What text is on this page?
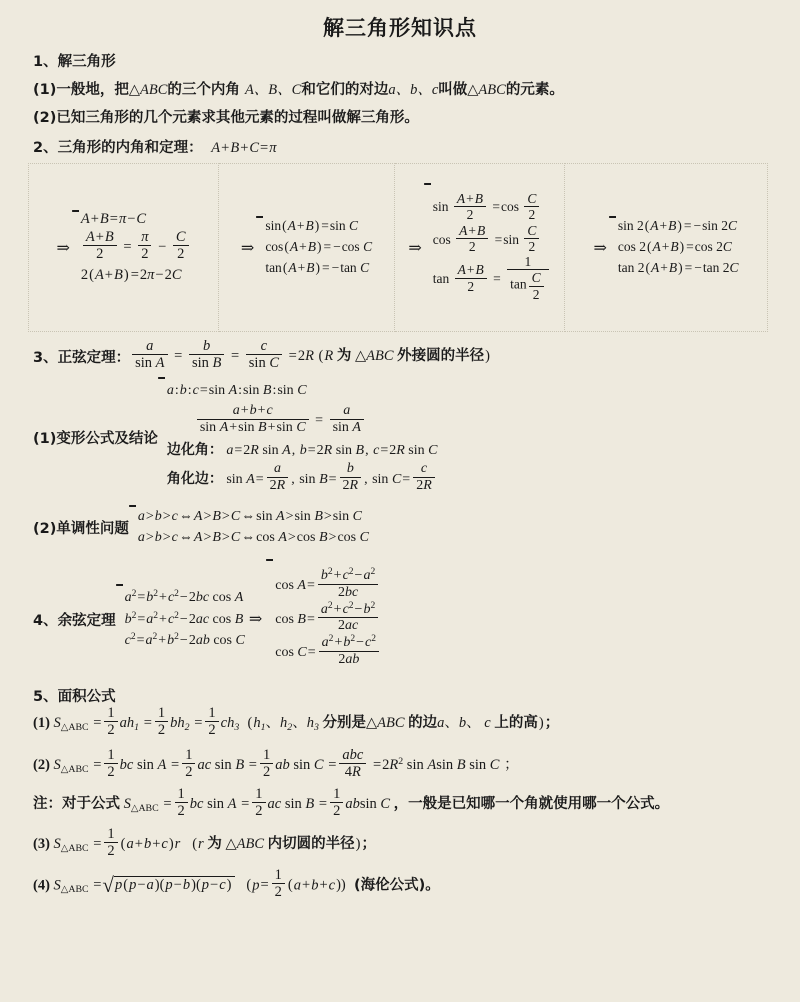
解三角形知识点
1、解三角形
(1)一般地，把△ABC的三个内角 A、B、C和它们的对边a、b、c叫做△ABC的元素。
(2)已知三角形的几个元素求其他元素的过程叫做解三角形。
2、三角形的内角和定理： A+B+C=π
⇒
A+B=π−C
$\frac{A+B}{2} = \frac{\pi}{2} - \frac{C}{2}$
2(A+B) =2π−2C

⇒
sin(A+B) =sin C
cos(A+B) = −cos C
tan(A+B) = −tan C

⇒
$\sin \frac{A+B}{2} =\cos \frac{C}{2}$
$\cos \frac{A+B}{2} =\sin \frac{C}{2}$
$\tan \frac{A+B}{2} = \frac{1}{\tan \frac{C}{2}}$

⇒
sin 2(A+B) = −sin 2C
cos 2(A+B) =cos 2C
tan 2(A+B) = −tan 2C
3、正弦定理： $\frac{a}{\text{sin A}} = \frac{b}{\text{sin B}} = \frac{c}{\text{sin C}} =2R$ (R 为 △ABC 外接圆的半径)
(1)变形公式及结论
a:b:c=sin A:sin B:sin C
$\frac{a+b+c}{\text{sin A+sin B+sin C}} = \frac{a}{\text{sin A}}$
边化角： a=2R sin A, b=2R sin B, c=2R sin C
角化边： $\sin A= \frac{a}{2R}$ , $\sin B= \frac{b}{2R}$ , $\sin C= \frac{c}{2R}$
(2)单调性问题
a>b>c⇔A>B>C⇔sin A>sin B>sin C
a>b>c⇔A>B>C⇔cos A>cos B>cos C
4、余弦定理
$a^2=b^2+c^2-2bc$ cos A
$b^2=a^2+c^2-2ac$ cos B
$c^2=a^2+b^2-2ab$ cos C
⇒
$\cos A= \frac{b^2+c^2-a^2}{2bc}$
$\cos B= \frac{a^2+c^2-b^2}{2ac}$
$\cos C= \frac{a^2+b^2-c^2}{2ab}$
5、面积公式
(1) $S_{\triangle ABC} = \frac{1}{2} ah_1 = \frac{1}{2} bh_2 = \frac{1}{2} ch_3$ ($h_1$、$h_2$、$h_3$ 分别是△ABC 的边a、b、 c 上的高)；
(2) $S_{\triangle ABC} = \frac{1}{2}$ bc $\sin A = \frac{1}{2}$ ac $\sin B = \frac{1}{2}$ ab $\sin C = \frac{\text{abc}}{4R} =2R^2$ sin Asin B sin C ；
注：对于公式 $S_{\triangle ABC} = \frac{1}{2}$ bc $\sin A = \frac{1}{2}$ ac $\sin B = \frac{1}{2}$ absin C ，一般是已知哪一个角就使用哪一个公式。
(3) $S_{\triangle ABC} = \frac{1}{2} (a+b+c)r$ (r 为 △ABC 内切圆的半径)；
(4) $S_{\triangle ABC} =√p(p-a)(p-b)(p-c)$ $(p= \frac{1}{2} (a+b+c))$ (海伦公式)。
